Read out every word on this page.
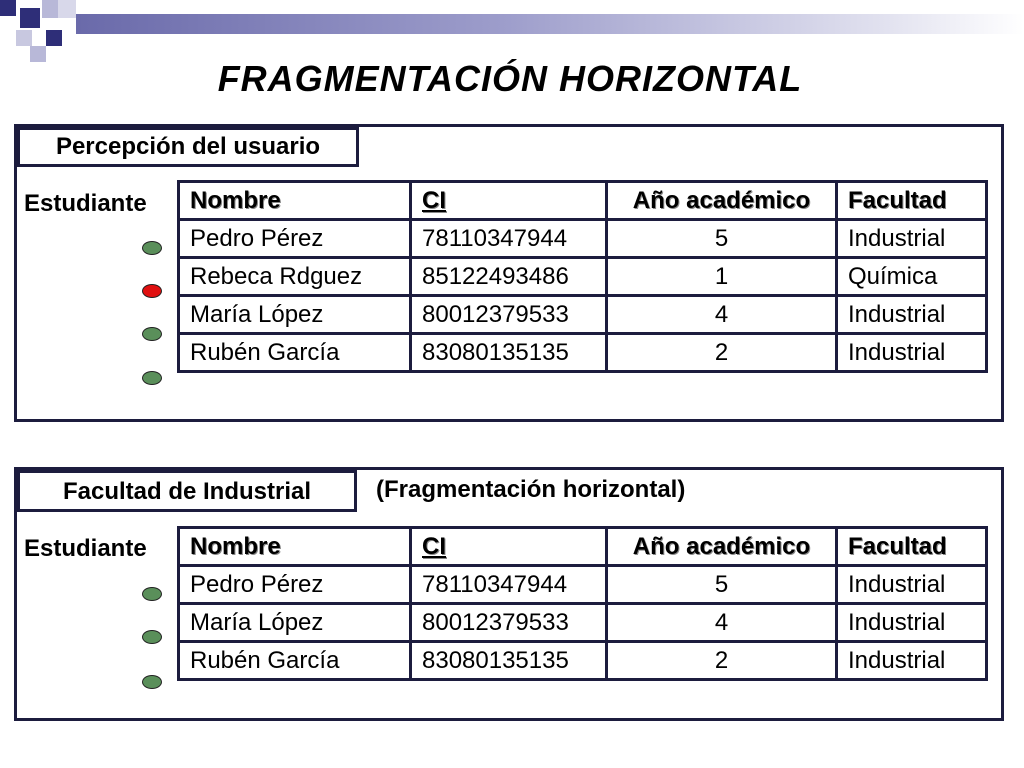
FRAGMENTACIÓN HORIZONTAL
Percepción del usuario
Estudiante Nombre	CI	Año académico	Facultad
Pedro Pérez	78110347944	5	Industrial
Rebeca Rdguez	85122493486	1	Química
María López	80012379533	4	Industrial
Rubén García	83080135135	2	Industrial
Facultad de Industrial	(Fragmentación horizontal)
Estudiante Nombre	CI	Año académico	Facultad
Pedro Pérez	78110347944	5	Industrial
María López	80012379533	4	Industrial
Rubén García	83080135135	2	Industrial
